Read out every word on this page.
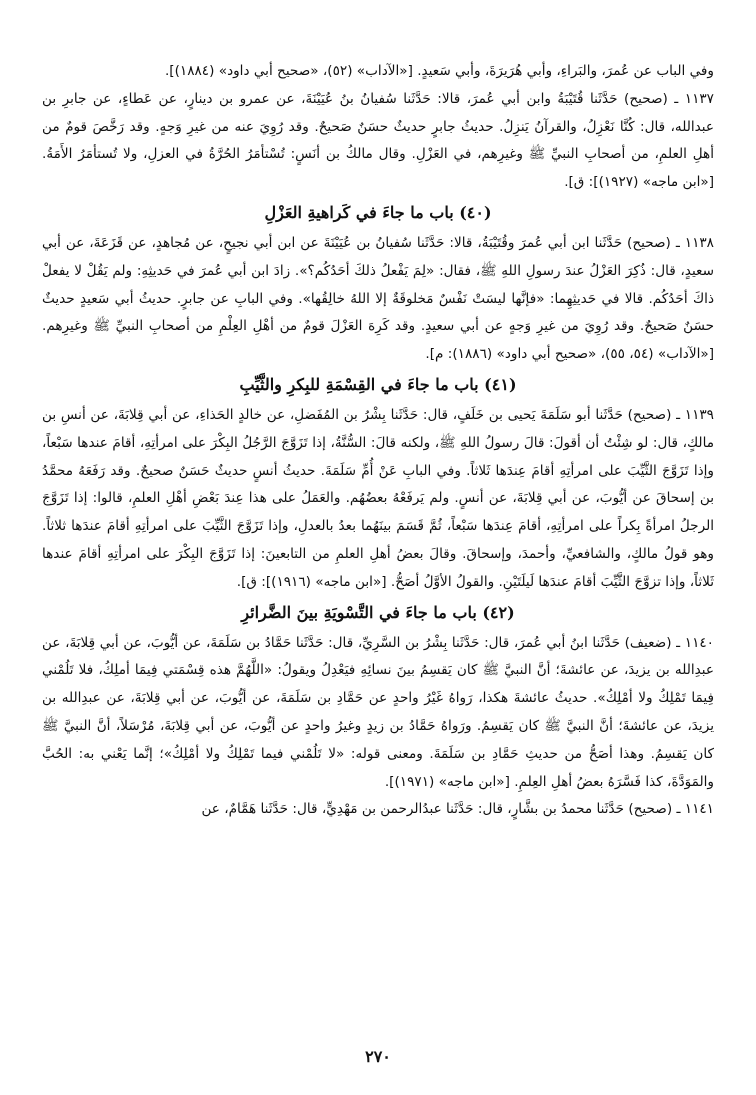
وفي الباب عن عُمرَ، والبَراءِ، وأبي هُرَيرَةَ، وأبي سَعيدٍ. [«الآداب» (٥٢)، «صحيح أبي داود» (١٨٨٤)].

١١٣٧ ـ (صحيح) حَدَّثَنا قُتَيْبَةُ وابن أبي عُمرَ، قالا: حَدَّثَنا سُفيانُ بنُ عُيَيْنَةَ، عن عمرو بن دينارٍ، عن عَطاءٍ، عن جابرِ بن عبدالله، قال: كُنَّا نَعْزِلُ، والقرآنُ يَنزِلُ. حديثُ جابرٍ حديثٌ حسَنٌ صَحيحٌ. وقد رُوِيَ عنه من غيرِ وَجهٍ. وقد رَخَّصَ قومٌ من أهلِ العلمِ، من أصحابِ النبيِّ ﷺ وغيرِهم، في العَزْلِ. وقال مالكُ بن أنَسٍ: تُسْتأمَرُ الحُرَّةُ في العزلِ، ولا تُستأمَرُ الأَمَةُ. [«ابن ماجه» (١٩٢٧)]: ق].

(٤٠) باب ما جاءَ في كَراهيةِ العَزْلِ

١١٣٨ ـ (صحيح) حَدَّثَنا ابن أبي عُمرَ وقُتَيْبَةُ، قالا: حَدَّثَنا سُفيانُ بن عُيَيْنَةَ عن ابن أبي نجيحٍ، عن مُجاهدٍ، عن قَزَعَةَ، عن أبي سعيدٍ، قال: ذُكِرَ العَزْلُ عندَ رسولِ اللهِ ﷺ، فقال: «لِمَ يَفْعلُ ذلكَ أحَدُكُم؟». زادَ ابن أبي عُمرَ في حَديثِهِ: ولم يَقُلْ لا يفعلْ ذاكَ أحَدُكُم. قالا في حَديثِهِما: «فإنَّها ليسَتْ نَفْسٌ مَخلوقَةٌ إلا اللهُ خالِقُها». وفي البابِ عن جابرٍ. حديثُ أبي سَعيدٍ حديثٌ حسَنٌ صَحيحٌ. وقد رُوِيَ من غيرِ وَجهٍ عن أبي سعيدٍ. وقد كَرِهَ العَزْلَ قومٌ من أهْلِ العِلْمِ من أصحابِ النبيِّ ﷺ وغيرِهم. [«الآداب» (٥٤، ٥٥)، «صحيح أبي داود» (١٨٨٦): م].

(٤١) باب ما جاءَ في القِسْمَةِ للبِكرِ والثَّيِّبِ

١١٣٩ ـ (صحيح) حَدَّثَنا أبو سَلَمَةَ يَحيى بن خَلَفٍ، قال: حَدَّثَنا بِشْرُ بن المُفَضلِ، عن خالدٍ الحَذاءِ، عن أبي قِلابَةَ، عن أنسِ بن مالكٍ، قال: لو شِئْتُ أن أقولَ: قالَ رسولُ اللهِ ﷺ، ولكنه قالَ: السُّنَّةُ، إذا تَزَوَّجَ الرَّجُلُ البِكْرَ على امرأتِهِ، أقامَ عندها سَبْعاً، وإذا تَزَوَّجَ الثَّيِّبَ على امرأتِهِ أقامَ عِندَها ثَلاثاً. وفي البابِ عَنْ أُمِّ سَلَمَةَ. حديثُ أنسٍ حديثٌ حَسَنٌ صحيحٌ. وقد رَفَعَهُ محمَّدُ بن إسحاقَ عن أيُّوبَ، عن أبي قِلابَةَ، عن أنسٍ. ولم يَرفَعْهُ بعضُهُم. والعَمَلُ على هذا عِندَ بَعْضِ أهْلِ العلمِ، قالوا: إذا تَزَوَّجَ الرجلُ امرأةً بِكراً على امرأتِهِ، أقامَ عِندَها سَبْعاً، ثُمَّ قَسَمَ بينَهُما بعدُ بالعدلِ، وإذا تَزَوَّجَ الثَّيِّبَ على امرأتِهِ أقامَ عندَها ثلاثاً. وهو قولُ مالكٍ، والشافعيِّ، وأحمدَ، وإسحاقَ. وقالَ بعضُ أهلِ العلمِ من التابعينَ: إذا تَزَوَّجَ البِكْرَ على امرأتِهِ أقامَ عندها ثَلاثاً، وإذا تزوَّجَ الثَّيِّبَ أقامَ عندَها لَيلَتَيْنِ. والقولُ الأوَّلُ أصَحُّ. [«ابن ماجه» (١٩١٦)]: ق].

(٤٢) باب ما جاءَ في التَّسْويَةِ بينَ الضَّرائرِ

١١٤٠ ـ (ضعيف) حَدَّثَنا ابنُ أبي عُمرَ، قال: حَدَّثَنا بِشْرُ بن السَّرِيِّ، قال: حَدَّثَنا حَمَّادُ بن سَلَمَةَ، عن أيُّوبَ، عن أبي قِلابَةَ، عن عبدِالله بن يزيدَ، عن عائشةَ؛ أنَّ النبيَّ ﷺ كان يَقسِمُ بينَ نسائِهِ فيَعْدِلُ ويقولُ: «اللَّهُمَّ هذه قِسْمَتي فِيمَا أملِكُ، فلا تَلُمْني فِيمَا تَمْلِكُ ولا أمْلِكُ». حديثُ عائشةَ هكذا، رَواهُ غَيْرُ واحدٍ عن حَمَّادِ بن سَلَمَةَ، عن أيُّوبَ، عن أبي قِلابَةَ، عن عبدِالله بن يزيدَ، عن عائشةَ؛ أنَّ النبيَّ ﷺ كان يَقسِمُ. ورَواهُ حَمَّادُ بن زيدٍ وغيرُ واحدٍ عن أيُّوبَ، عن أبي قِلابَةَ، مُرْسَلاً، أنَّ النبيَّ ﷺ كان يَقسِمُ. وهذا أصَحُّ من حديثِ حَمَّادِ بن سَلَمَةَ. ومعنى قوله: «لا تَلُمْني فيما تَمْلِكُ ولا أمْلِكُ»؛ إنَّما يَعْني به: الحُبَّ والمَوَدَّةَ، كذا فَسَّرَهُ بعضُ أهلِ العِلمِ. [«ابن ماجه» (١٩٧١)].

١١٤١ ـ (صحيح) حَدَّثَنا محمدُ بن بشَّارٍ، قال: حَدَّثَنا عبدُالرحمن بن مَهْدِيٍّ، قال: حَدَّثَنا هَمَّامٌ، عن

٢٧٠
